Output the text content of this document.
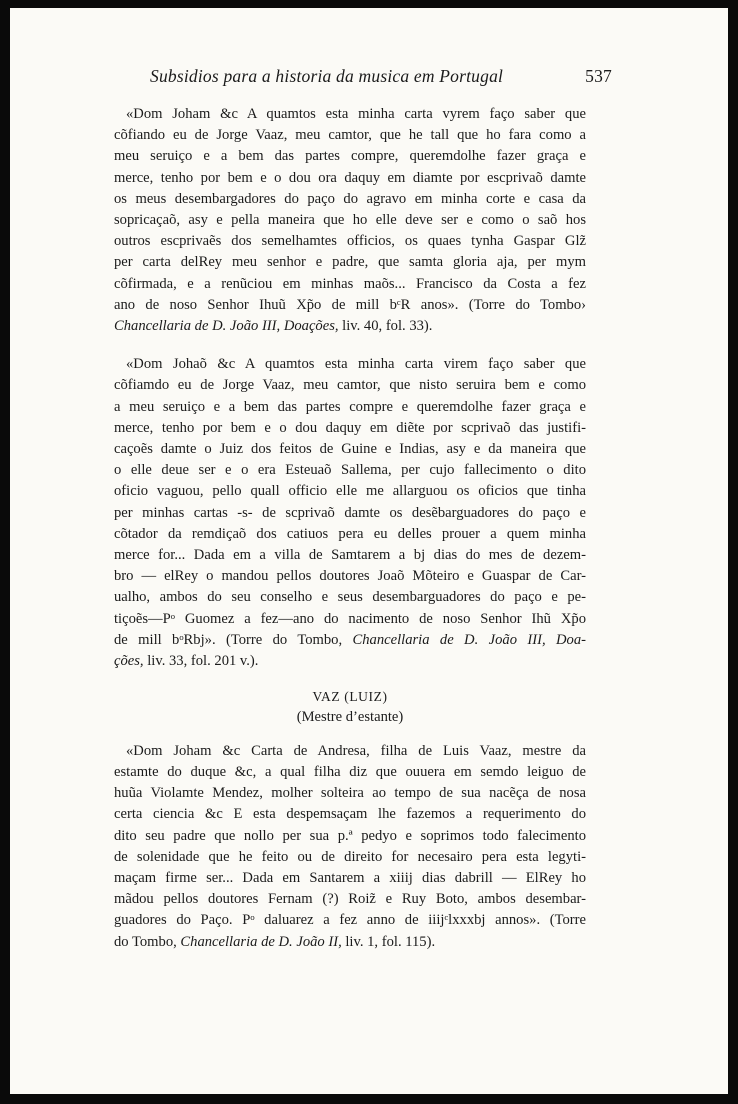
Subsidios para a historia da musica em Portugal	537
«Dom Joham &c A quamtos esta minha carta vyrem faço saber que
cõfiando eu de Jorge Vaaz, meu camtor, que he tall que ho fara como a
meu seruiço e a bem das partes compre, queremdolhe fazer graça e
merce, tenho por bem e o dou ora daquy em diamte por escprivaõ damte
os meus desembargadores do paço do agravo em minha corte e casa da
sopricaçaõ, asy e pella maneira que ho elle deve ser e como o saõ hos
outros escprivaẽs dos semelhamtes officios, os quaes tynha Gaspar Glz̃
per carta delRey meu senhor e padre, que samta gloria aja, per mym
cõfirmada, e a renũciou em minhas maõs... Francisco da Costa a fez
ano de noso Senhor Ihuũ Xp̃o de mill bᶜR anos». (Torre do Tombo›
Chancellaria de D. João III, Doações, liv. 40, fol. 33).
«Dom Johaõ &c A quamtos esta minha carta virem faço saber que
cõfiamdo eu de Jorge Vaaz, meu camtor, que nisto seruira bem e como
a meu seruiço e a bem das partes compre e queremdolhe fazer graça e
merce, tenho por bem e o dou daquy em diẽte por scprivaõ das justifi-
caçoẽs damte o Juiz dos feitos de Guine e Indias, asy e da maneira que
o elle deue ser e o era Esteuaõ Sallema, per cujo fallecimento o dito
oficio vaguou, pello quall officio elle me allarguou os oficios que tinha
per minhas cartas -s- de scprivaõ damte os desẽbarguadores do paço e
cõtador da remdiçaõ dos catiuos pera eu delles prouer a quem minha
merce for... Dada em a villa de Samtarem a bj dias do mes de dezem-
bro — elRey o mandou pellos doutores Joaõ Mõteiro e Guaspar de Car-
ualho, ambos do seu conselho e seus desembarguadores do paço e pe-
tiçoẽs—Pᵒ Guomez a fez—ano do nacimento de noso Senhor Ihũ Xp̃o
de mill bᵒRbj». (Torre do Tombo, Chancellaria de D. João III, Doa-
ções, liv. 33, fol. 201 v.).
VAZ (LUIZ)
(Mestre d’estante)
«Dom Joham &c Carta de Andresa, filha de Luis Vaaz, mestre da
estamte do duque &c, a qual filha diz que ouuera em semdo leiguo de
huũa Violamte Mendez, molher solteira ao tempo de sua nacẽça de nosa
certa ciencia &c E esta despemsaçam lhe fazemos a requerimento do
dito seu padre que nollo per sua p.ª pedyo e soprimos todo falecimento
de solenidade que he feito ou de direito for necesairo pera esta legyti-
maçam firme ser... Dada em Santarem a xiiij dias dabrill — ElRey ho
mãdou pellos doutores Fernam (?) Roiz̃ e Ruy Boto, ambos desembar-
guadores do Paço. Pᵒ daluarez a fez anno de iiijᶜlxxxbj annos». (Torre
do Tombo, Chancellaria de D. João II, liv. 1, fol. 115).
